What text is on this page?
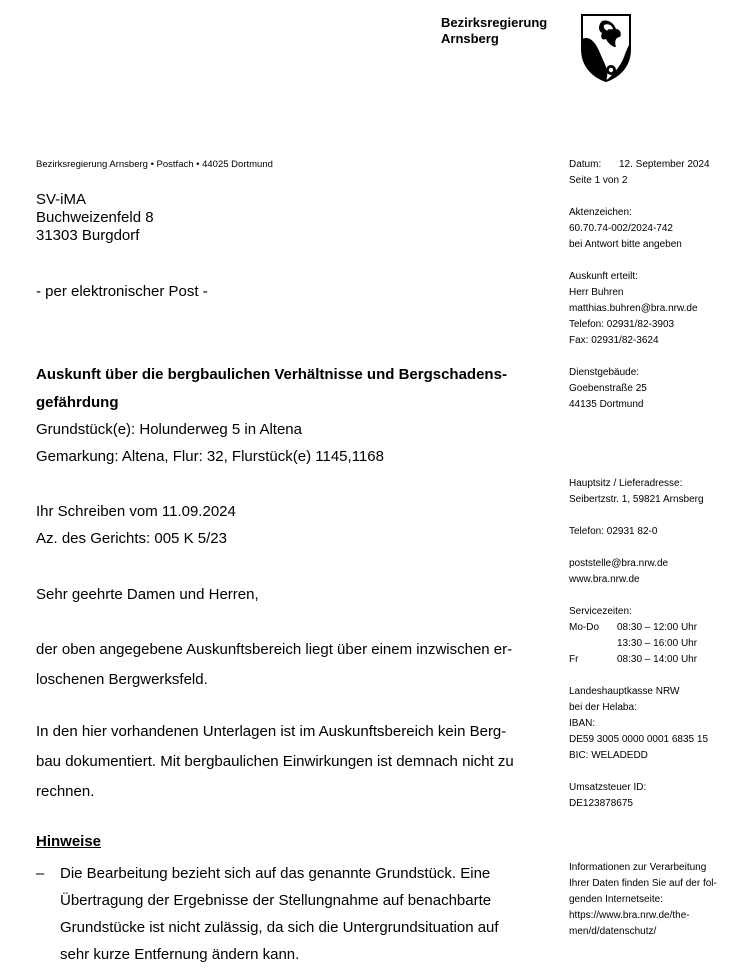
Bezirksregierung
Arnsberg
Bezirksregierung Arnsberg • Postfach • 44025 Dortmund
SV-iMA
Buchweizenfeld 8
31303 Burgdorf
- per elektronischer Post -
Auskunft über die bergbaulichen Verhältnisse und Bergschadens-
gefährdung
Grundstück(e): Holunderweg 5 in Altena
Gemarkung: Altena, Flur: 32, Flurstück(e) 1145,1168
Ihr Schreiben vom 11.09.2024
Az. des Gerichts: 005 K 5/23
Sehr geehrte Damen und Herren,
der oben angegebene Auskunftsbereich liegt über einem inzwischen er-
loschenen Bergwerksfeld.
In den hier vorhandenen Unterlagen ist im Auskunftsbereich kein Berg-
bau dokumentiert. Mit bergbaulichen Einwirkungen ist demnach nicht zu
rechnen.
Hinweise
– Die Bearbeitung bezieht sich auf das genannte Grundstück. Eine
Übertragung der Ergebnisse der Stellungnahme auf benachbarte
Grundstücke ist nicht zulässig, da sich die Untergrundsituation auf
sehr kurze Entfernung ändern kann.
Datum:	12. September 2024
Seite 1 von 2
Aktenzeichen:
60.70.74-002/2024-742
bei Antwort bitte angeben
Auskunft erteilt:
Herr Buhren
matthias.buhren@bra.nrw.de
Telefon: 02931/82-3903
Fax: 02931/82-3624
Dienstgebäude:
Goebenstraße 25
44135 Dortmund
Hauptsitz / Lieferadresse:
Seibertzstr. 1, 59821 Arnsberg
Telefon: 02931 82-0
poststelle@bra.nrw.de
www.bra.nrw.de
Servicezeiten:
Mo-Do	08:30 – 12:00 Uhr
13:30 – 16:00 Uhr
Fr	08:30 – 14:00 Uhr
Landeshauptkasse NRW
bei der Helaba:
IBAN:
DE59 3005 0000 0001 6835 15
BIC: WELADEDD
Umsatzsteuer ID:
DE123878675
Informationen zur Verarbeitung
Ihrer Daten finden Sie auf der fol-
genden Internetseite:
https://www.bra.nrw.de/the-
men/d/datenschutz/
